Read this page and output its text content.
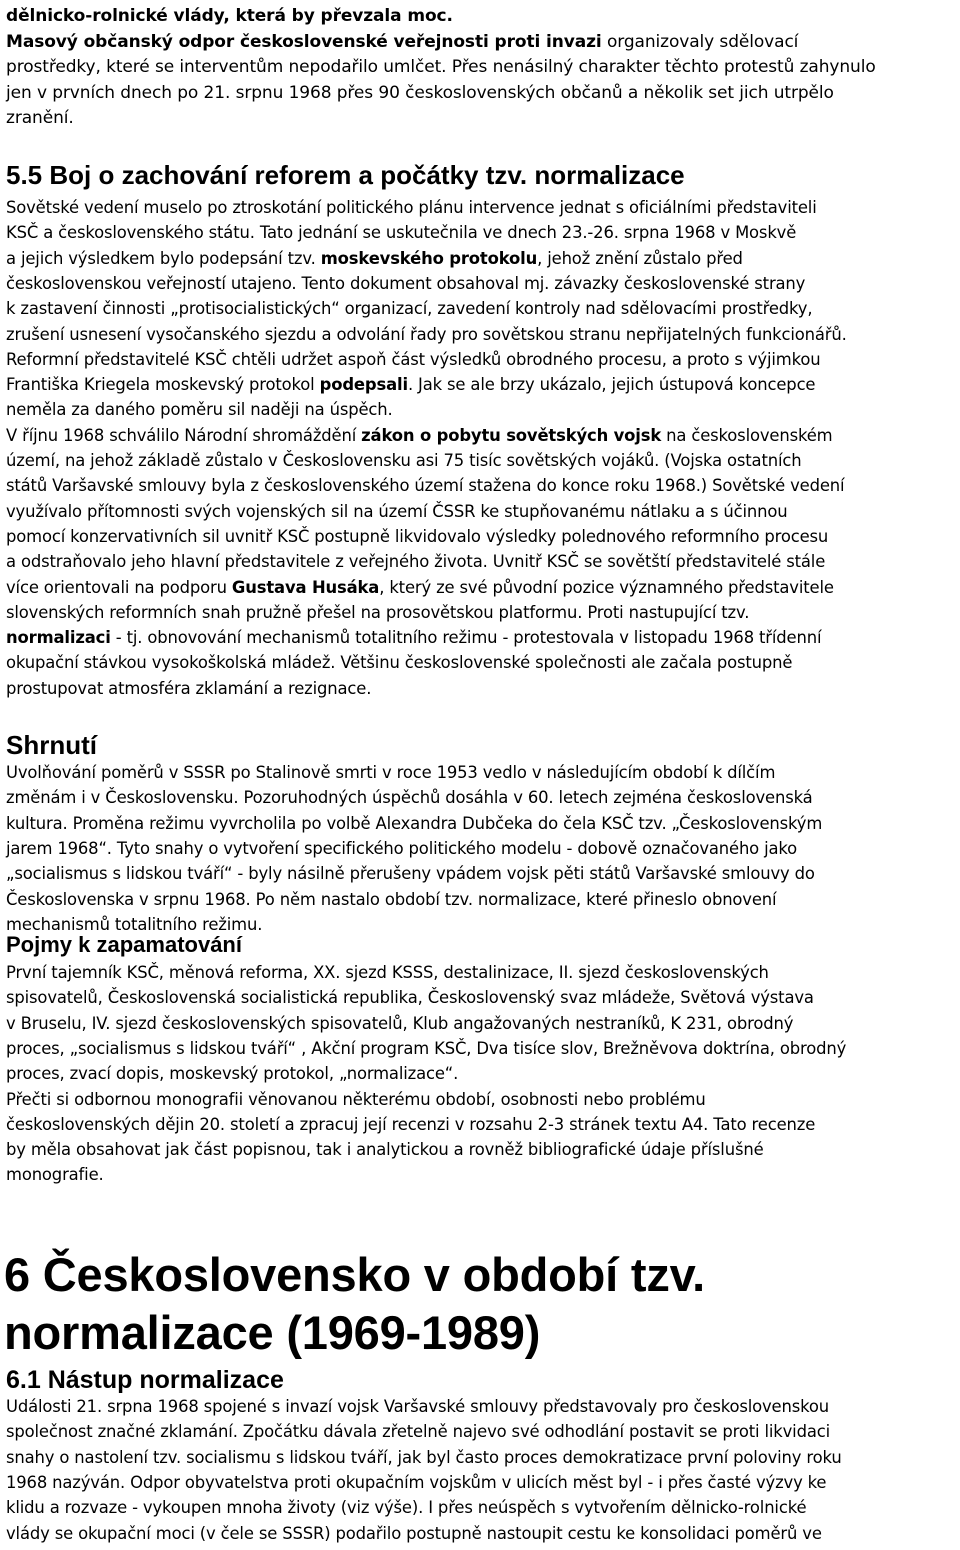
dělnicko-rolnické vlády, která by převzala moc.
Masový občanský odpor československé veřejnosti proti invazi organizovaly sdělovací
prostředky, které se interventům nepodařilo umlčet. Přes nenásilný charakter těchto protestů zahynulo
jen v prvních dnech po 21. srpnu 1968 přes 90 československých občanů a několik set jich utrpělo
zranění.
5.5 Boj o zachování reforem a počátky tzv. normalizace
Sovětské vedení muselo po ztroskotání politického plánu intervence jednat s oficiálními představiteli
KSČ a československého státu. Tato jednání se uskutečnila ve dnech 23.-26. srpna 1968 v Moskvě
a jejich výsledkem bylo podepsání tzv. moskevského protokolu, jehož znění zůstalo před
československou veřejností utajeno. Tento dokument obsahoval mj. závazky československé strany
k zastavení činnosti „protisocialistických“ organizací, zavedení kontroly nad sdělovacími prostředky,
zrušení usnesení vysočanského sjezdu a odvolání řady pro sovětskou stranu nepřijatelných funkcionářů.
Reformní představitelé KSČ chtěli udržet aspoň část výsledků obrodného procesu, a proto s výjimkou
Františka Kriegela moskevský protokol podepsali. Jak se ale brzy ukázalo, jejich ústupová koncepce
neměla za daného poměru sil naději na úspěch.
V říjnu 1968 schválilo Národní shromáždění zákon o pobytu sovětských vojsk na československém
území, na jehož základě zůstalo v Československu asi 75 tisíc sovětských vojáků. (Vojska ostatních
států Varšavské smlouvy byla z československého území stažena do konce roku 1968.) Sovětské vedení
využívalo přítomnosti svých vojenských sil na území ČSSR ke stupňovanému nátlaku a s účinnou
pomocí konzervativních sil uvnitř KSČ postupně likvidovalo výsledky polednového reformního procesu
a odstraňovalo jeho hlavní představitele z veřejného života. Uvnitř KSČ se sovětští představitelé stále
více orientovali na podporu Gustava Husáka, který ze své původní pozice významného představitele
slovenských reformních snah pružně přešel na prosovětskou platformu. Proti nastupující tzv.
normalizaci - tj. obnovování mechanismů totalitního režimu - protestovala v listopadu 1968 třídenní
okupační stávkou vysokoškolská mládež. Většinu československé společnosti ale začala postupně
prostupovat atmosféra zklamání a rezignace.
Shrnutí
Uvolňování poměrů v SSSR po Stalinově smrti v roce 1953 vedlo v následujícím období k dílčím
změnám i v Československu. Pozoruhodných úspěchů dosáhla v 60. letech zejména československá
kultura. Proměna režimu vyvrcholila po volbě Alexandra Dubčeka do čela KSČ tzv. „Československým
jarem 1968“. Tyto snahy o vytvoření specifického politického modelu - dobově označovaného jako
„socialismus s lidskou tváří“ - byly násilně přerušeny vpádem vojsk pěti států Varšavské smlouvy do
Československa v srpnu 1968. Po něm nastalo období tzv. normalizace, které přineslo obnovení
mechanismů totalitního režimu.
Pojmy k zapamatování
První tajemník KSČ, měnová reforma, XX. sjezd KSSS, destalinizace, II. sjezd československých
spisovatelů, Československá socialistická republika, Československý svaz mládeže, Světová výstava
v Bruselu, IV. sjezd československých spisovatelů, Klub angažovaných nestraníků, K 231, obrodný
proces, „socialismus s lidskou tváří“ , Akční program KSČ, Dva tisíce slov, Brežněvova doktrína, obrodný
proces, zvací dopis, moskevský protokol, „normalizace“.
Přečti si odbornou monografii věnovanou některému období, osobnosti nebo problému
československých dějin 20. století a zpracuj její recenzi v rozsahu 2-3 stránek textu A4. Tato recenze
by měla obsahovat jak část popisnou, tak i analytickou a rovněž bibliografické údaje příslušné
monografie.
6 Československo v období tzv.
normalizace (1969-1989)
6.1 Nástup normalizace
Události 21. srpna 1968 spojené s invazí vojsk Varšavské smlouvy představovaly pro československou
společnost značné zklamání. Zpočátku dávala zřetelně najevo své odhodlání postavit se proti likvidaci
snahy o nastolení tzv. socialismu s lidskou tváří, jak byl často proces demokratizace první poloviny roku
1968 nazýván. Odpor obyvatelstva proti okupačním vojskům v ulicích měst byl - i přes časté výzvy ke
klidu a rozvaze - vykoupen mnoha životy (viz výše). I přes neúspěch s vytvořením dělnicko-rolnické
vlády se okupační moci (v čele se SSSR) podařilo postupně nastoupit cestu ke konsolidaci poměrů ve
